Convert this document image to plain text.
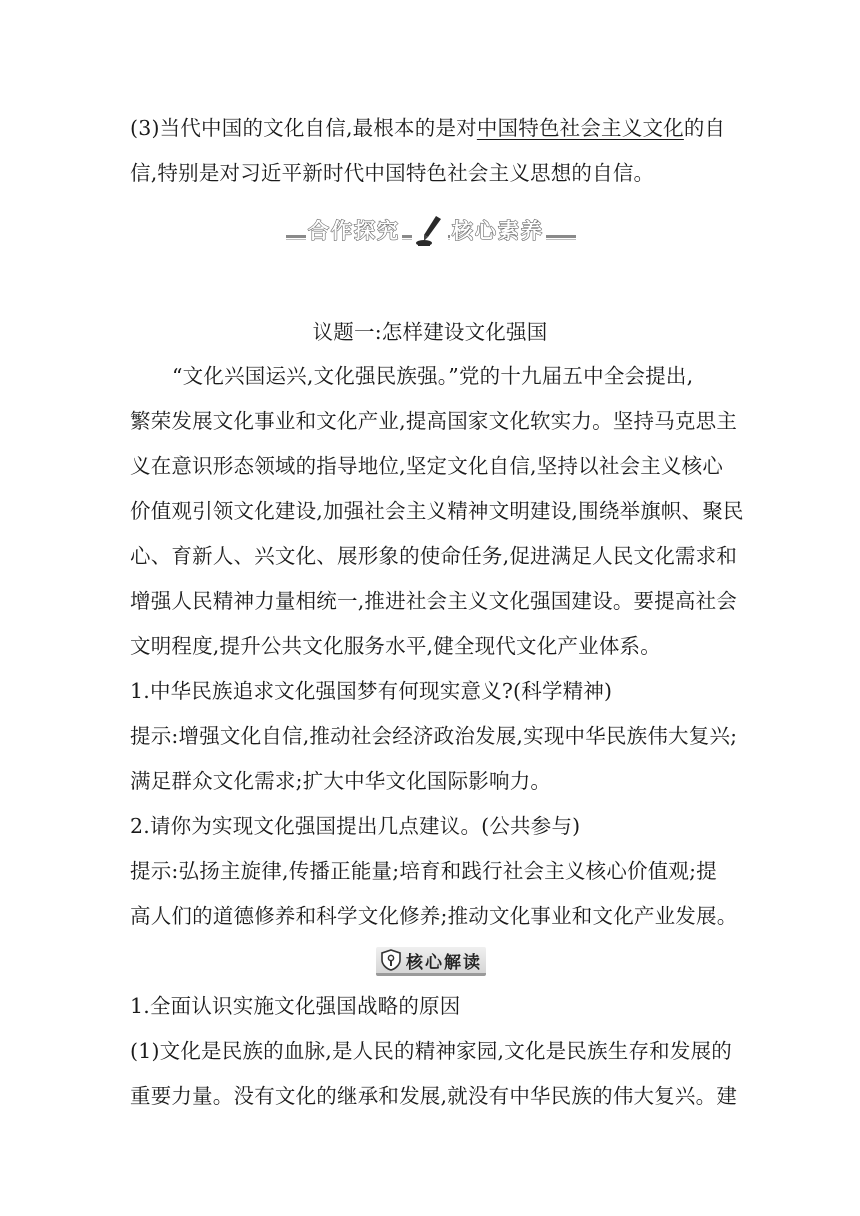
(3)当代中国的文化自信,最根本的是对中国特色社会主义文化的自
信,特别是对习近平新时代中国特色社会主义思想的自信。
合作探究 核心素养
议题一:怎样建设文化强国
“文化兴国运兴,文化强民族强。”党的十九届五中全会提出,
繁荣发展文化事业和文化产业,提高国家文化软实力。坚持马克思主
义在意识形态领域的指导地位,坚定文化自信,坚持以社会主义核心
价值观引领文化建设,加强社会主义精神文明建设,围绕举旗帜、聚民
心、育新人、兴文化、展形象的使命任务,促进满足人民文化需求和
增强人民精神力量相统一,推进社会主义文化强国建设。要提高社会
文明程度,提升公共文化服务水平,健全现代文化产业体系。
1.中华民族追求文化强国梦有何现实意义?(科学精神)
提示:增强文化自信,推动社会经济政治发展,实现中华民族伟大复兴;
满足群众文化需求;扩大中华文化国际影响力。
2.请你为实现文化强国提出几点建议。(公共参与)
提示:弘扬主旋律,传播正能量;培育和践行社会主义核心价值观;提
高人们的道德修养和科学文化修养;推动文化事业和文化产业发展。
核心解读
1.全面认识实施文化强国战略的原因
(1)文化是民族的血脉,是人民的精神家园,文化是民族生存和发展的
重要力量。没有文化的继承和发展,就没有中华民族的伟大复兴。建
